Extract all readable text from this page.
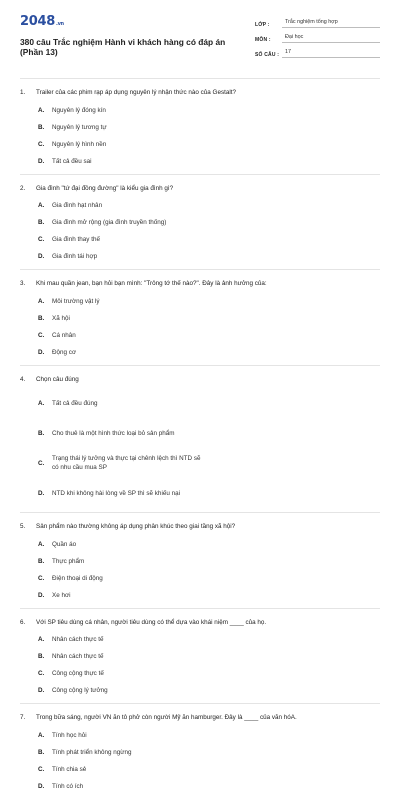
2048.vn
380 câu Trắc nghiệm Hành vi khách hàng có đáp án (Phần 13)
LỚP :	Trắc nghiệm tổng hợp
MÔN :	Đại học
SỐ CÂU :	17
1.	Trailer của các phim rạp áp dụng nguyên lý nhận thức nào của Gestalt?
A.	Nguyên lý đóng kín
B.	Nguyên lý tương tự
C.	Nguyên lý hình nền
D.	Tất cả đều sai
2.	Gia đình "tứ đại đồng đường" là kiểu gia đình gì?
A.	Gia đình hạt nhân
B.	Gia đình mở rộng (gia đình truyền thống)
C.	Gia đình thay thế
D.	Gia đình tái hợp
3.	Khi mau quần jean, bạn hỏi bạn mình: "Trông tớ thế nào?". Đây là ảnh hưởng của:
A.	Môi trường vật lý
B.	Xã hội
C.	Cá nhân
D.	Động cơ
4.	Chọn câu đúng
A.	Tất cả đều đúng
B.	Cho thuê là một hình thức loại bỏ sản phẩm
C.
Trạng thái lý tưởng và thực tại chênh lệch thì NTD sẽ có nhu cầu mua SP
D.	NTD khi không hài lòng về SP thì sẽ khiếu nại
5.	Sản phẩm nào thường không áp dụng phân khúc theo giai tầng xã hội?
A.	Quần áo
B.	Thực phẩm
C.	Điện thoại di động
D.	Xe hơi
6.	Với SP tiêu dùng cá nhân, người tiêu dùng có thể dựa vào khái niệm ____ của họ.
A.	Nhân cách thực tế
B.	Nhân cách thực tế
C.	Công cộng thực tế
D.	Công cộng lý tưởng
7.	Trong bữa sáng, người VN ăn tô phở còn người Mỹ ăn hamburger. Đây là ____ của văn hóA.
A.	Tính học hỏi
B.	Tính phát triển không ngừng
C.	Tính chia sẻ
D.	Tính có ích
